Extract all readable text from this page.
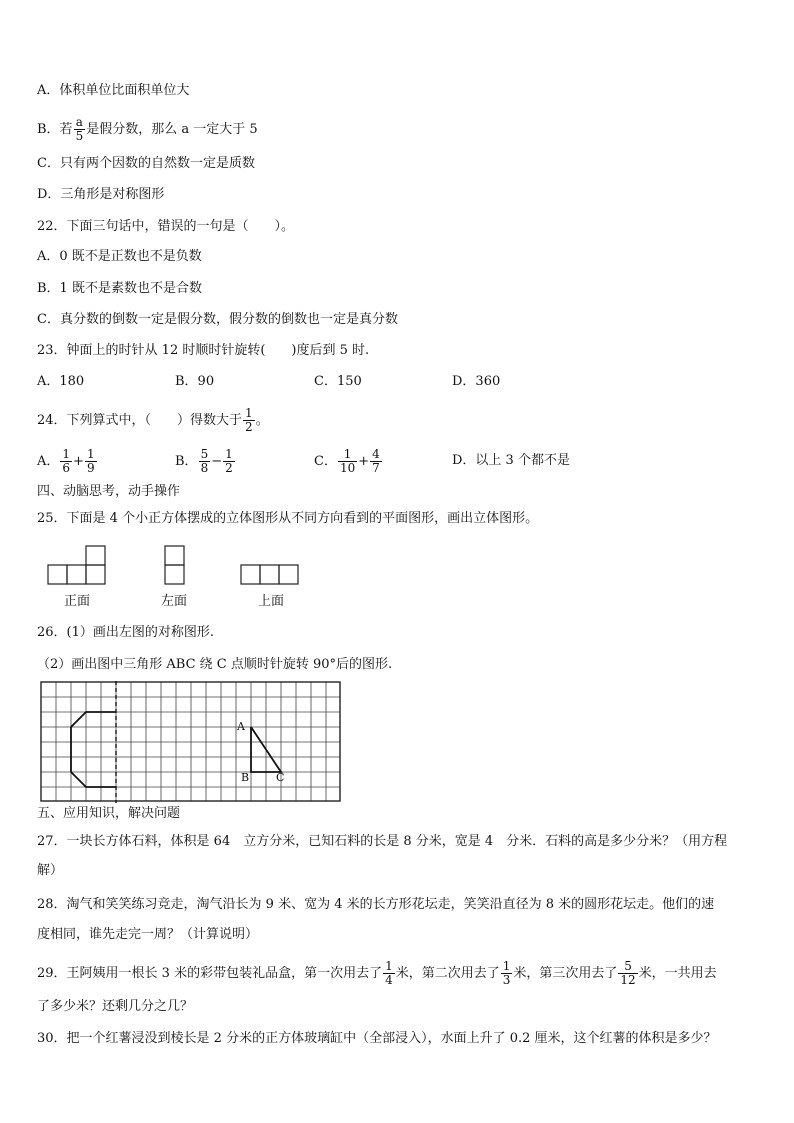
A．体积单位比面积单位大
B．若 $\frac{a}{5}$ 是假分数，那么 a 一定大于 5
C．只有两个因数的自然数一定是质数
D．三角形是对称图形
22．下面三句话中，错误的一句是（　　）。
A．0 既不是正数也不是负数
B．1 既不是素数也不是合数
C．真分数的倒数一定是假分数，假分数的倒数也一定是真分数
23．钟面上的时针从 12 时顺时针旋转(　　)度后到 5 时.
A．180	B．90	C．150	D．360
24．下列算式中，（　　）得数大于 $\frac{1}{2}$ 。
A． $\frac{1}{6} + \frac{1}{9}$	B． $\frac{5}{8} - \frac{1}{2}$	C． $\frac{1}{10} + \frac{4}{7}$	D．以上 3 个都不是
四、动脑思考，动手操作
25．下面是 4 个小正方体摆成的立体图形从不同方向看到的平面图形，画出立体图形。
正面	左面	上面
26．(1）画出左图的对称图形.
（2）画出图中三角形 ABC 绕 C 点顺时针旋转 90°后的图形.
A
B C
五、应用知识，解决问题
27．一块长方体石料，体积是 64　立方分米，已知石料的长是 8 分米，宽是 4　分米．石料的高是多少分米？（用方程
解）
28．淘气和笑笑练习竞走，淘气沿长为 9 米、宽为 4 米的长方形花坛走，笑笑沿直径为 8 米的圆形花坛走。他们的速
度相同，谁先走完一周？（计算说明）
29．王阿姨用一根长 3 米的彩带包装礼品盒，第一次用去了 $\frac{1}{4}$ 米，第二次用去了 $\frac{1}{3}$ 米，第三次用去了 $\frac{5}{12}$ 米，一共用去
了多少米？还剩几分之几？
30．把一个红薯浸没到棱长是 2 分米的正方体玻璃缸中（全部浸入），水面上升了 0.2 厘米，这个红薯的体积是多少？
